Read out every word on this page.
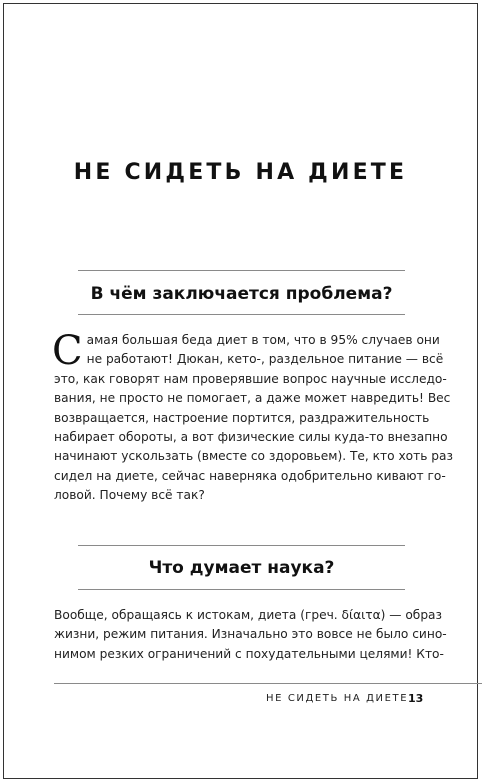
НЕ СИДЕТЬ НА ДИЕТЕ
В чём заключается проблема?
С амая большая беда диет в том, что в 95% случаев они
не работают! Дюкан, кето-, раздельное питание — всё
это, как говорят нам проверявшие вопрос научные исследо-
вания, не просто не помогает, а даже может навредить! Вес
возвращается, настроение портится, раздражительность
набирает обороты, а вот физические силы куда-то внезапно
начинают ускользать (вместе со здоровьем). Те, кто хоть раз
сидел на диете, сейчас наверняка одобрительно кивают го-
ловой. Почему всё так?
Что думает наука?
Вообще, обращаясь к истокам, диета (греч. δίαιτα) — образ
жизни, режим питания. Изначально это вовсе не было сино-
нимом резких ограничений с похудательными целями! Кто-
НЕ СИДЕТЬ НА ДИЕТЕ 13
